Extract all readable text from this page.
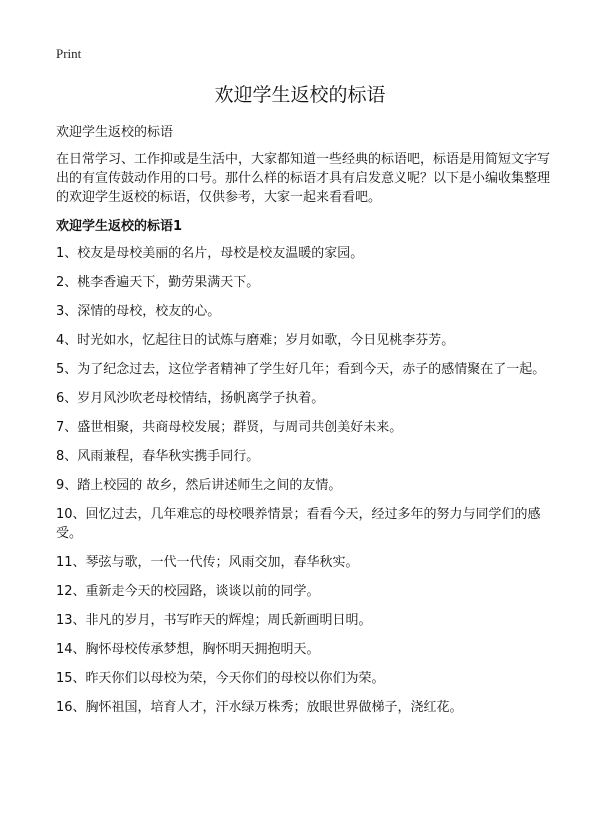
Print
欢迎学生返校的标语

欢迎学生返校的标语

在日常学习、工作抑或是生活中，大家都知道一些经典的标语吧，标语是用简短文字写出的有宣传鼓动作用的口号。那什么样的标语才具有启发意义呢？以下是小编收集整理的欢迎学生返校的标语，仅供参考，大家一起来看看吧。

欢迎学生返校的标语1

1、校友是母校美丽的名片，母校是校友温暖的家园。
2、桃李香遍天下，勤劳果满天下。
3、深情的母校，校友的心。
4、时光如水，忆起往日的试炼与磨难；岁月如歌，今日见桃李芬芳。
5、为了纪念过去，这位学者精神了学生好几年；看到今天，赤子的感情聚在了一起。
6、岁月风沙吹老母校情结，扬帆离学子执着。
7、盛世相聚，共商母校发展；群贤，与周司共创美好未来。
8、风雨兼程，春华秋实携手同行。
9、踏上校园的 故乡，然后讲述师生之间的友情。
10、回忆过去，几年难忘的母校喂养情景；看看今天，经过多年的努力与同学们的感受。
11、琴弦与歌，一代一代传；风雨交加，春华秋实。
12、重新走今天的校园路，谈谈以前的同学。
13、非凡的岁月，书写昨天的辉煌；周氏新画明日明。
14、胸怀母校传承梦想，胸怀明天拥抱明天。
15、昨天你们以母校为荣，今天你们的母校以你们为荣。
16、胸怀祖国，培育人才，汗水绿万株秀；放眼世界做梯子，浇红花。
